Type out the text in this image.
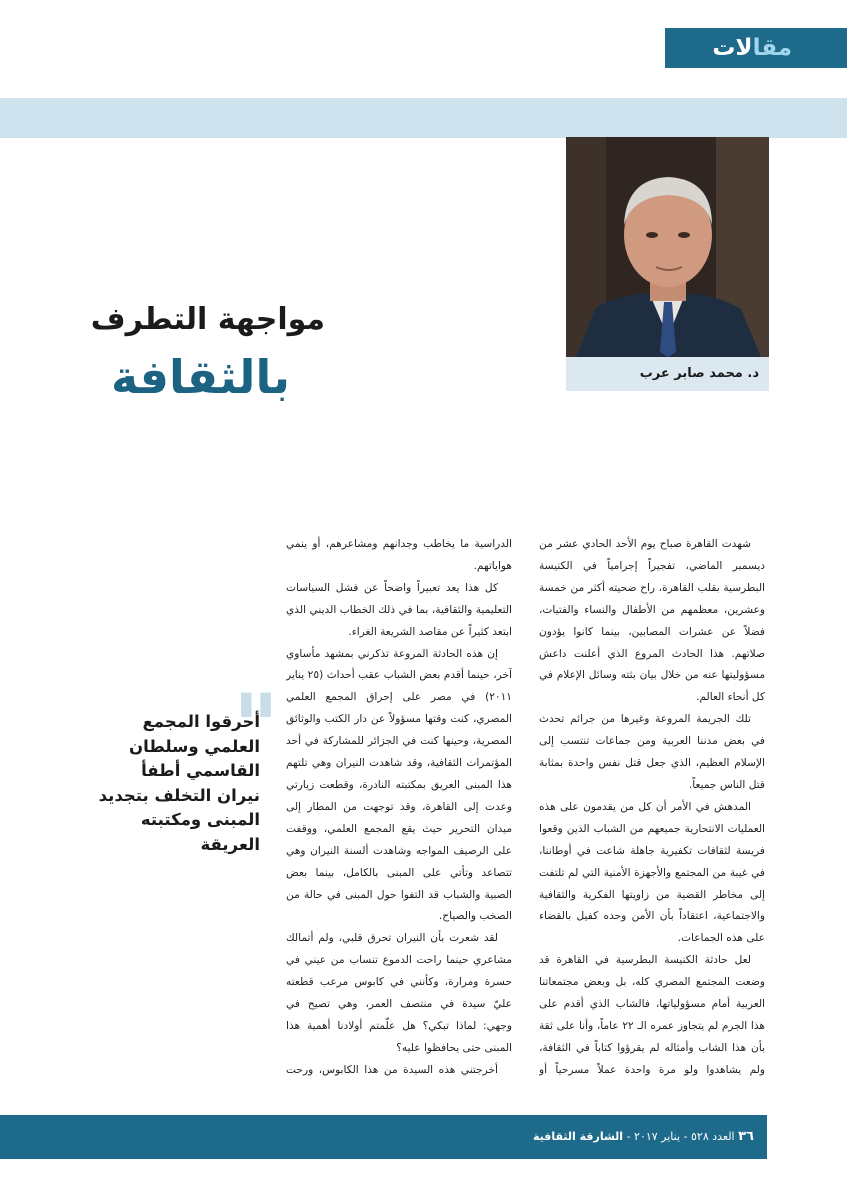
مقالات
د. محمد صابر عرب
مواجهة التطرف
بالثقافة

شهدت القاهرة صباح يوم الأحد الحادي عشر من ديسمبر الماضي، تفجيراً إجرامياً في الكنيسة البطرسية بقلب القاهرة، راح ضحيته أكثر من خمسة وعشرين، معظمهم من الأطفال والنساء والفتيات، فضلاً عن عشرات المصابين، بينما كانوا يؤدون صلاتهم. هذا الحادث المروع الذي أعلنت داعش مسؤوليتها عنه من خلال بيان بثته وسائل الإعلام في كل أنحاء العالم.

تلك الجريمة المروعة وغيرها من جرائم تحدث في بعض مدننا العربية ومن جماعات تنتسب إلى الإسلام العظيم، الذي جعل قتل نفس واحدة بمثابة قتل الناس جميعاً.

المدهش في الأمر أن كل من يقدمون على هذه العمليات الانتحارية جميعهم من الشباب الذين وقعوا فريسة لثقافات تكفيرية جاهلة شاعت في أوطاننا، في غيبة من المجتمع والأجهزة الأمنية التي لم تلتفت إلى مخاطر القضية من زاويتها الفكرية والثقافية والاجتماعية، اعتقاداً بأن الأمن وحده كفيل بالقضاء على هذه الجماعات.

لعل حادثة الكنيسة البطرسية في القاهرة قد وضعت المجتمع المصري كله، بل وبعض مجتمعاتنا العربية أمام مسؤولياتها، فالشاب الذي أقدم على هذا الجرم لم يتجاوز عمره الـ ٢٢ عاماً، وأنا على ثقة بأن هذا الشاب وأمثاله لم يقرؤوا كتاباً في الثقافة، ولم يشاهدوا ولو مرة واحدة عملاً مسرحياً أو

الدراسية ما يخاطب وجدانهم ومشاعرهم، أو ينمي هواياتهم.

كل هذا يعد تعبيراً واضحاً عن فشل السياسات التعليمية والثقافية، بما في ذلك الخطاب الديني الذي ابتعد كثيراً عن مقاصد الشريعة الغراء.

إن هذه الحادثة المروعة تذكرني بمشهد مأساوي آخر، حينما أقدم بعض الشباب عقب أحداث (٢٥ يناير ٢٠١١) في مصر على إحراق المجمع العلمي المصري، كنت وقتها مسؤولاً عن دار الكتب والوثائق المصرية، وحينها كنت في الجزائر للمشاركة في أحد المؤتمرات الثقافية، وقد شاهدت النيران وهي تلتهم هذا المبنى العريق بمكتبته النادرة، وقطعت زيارتي وعدت إلى القاهرة، وقد توجهت من المطار إلى ميدان التحرير حيث يقع المجمع العلمي، ووقفت على الرصيف المواجه وشاهدت ألسنة النيران وهي تتصاعد وتأتي على المبنى بالكامل، بينما بعض الصبية والشباب قد التفوا حول المبنى في حالة من الصخب والصياح.

لقد شعرت بأن النيران تحرق قلبي، ولم أتمالك مشاعري حينما راحت الدموع تنساب من عيني في حسرة ومرارة، وكأنني في كابوس مرعب قطعته عليّ سيدة في منتصف العمر، وهي تصيح في وجهي: لماذا تبكي؟ هل علّمتم أولادنا أهمية هذا المبنى حتى يحافظوا عليه؟

أخرجتني هذه السيدة من هذا الكابوس، ورحت

"
أحرقوا المجمع العلمي وسلطان القاسمي أطفأ نيران التخلف بتجديد المبنى ومكتبته العريقة
٣٦ العدد ٥٢٨ - يناير ٢٠١٧ - الشارقة الثقافية
